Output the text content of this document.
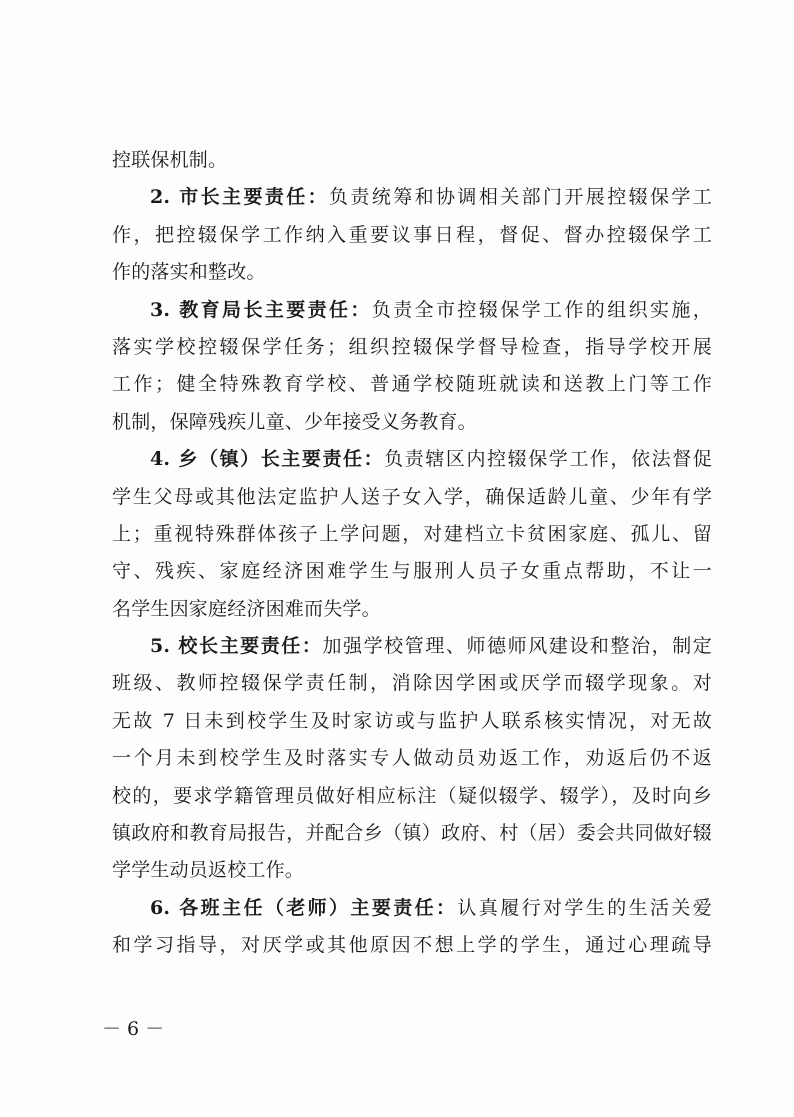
控联保机制。
2. 市长主要责任：负责统筹和协调相关部门开展控辍保学工
作，把控辍保学工作纳入重要议事日程，督促、督办控辍保学工
作的落实和整改。
3. 教育局长主要责任：负责全市控辍保学工作的组织实施，
落实学校控辍保学任务；组织控辍保学督导检查，指导学校开展
工作；健全特殊教育学校、普通学校随班就读和送教上门等工作
机制，保障残疾儿童、少年接受义务教育。
4. 乡（镇）长主要责任：负责辖区内控辍保学工作，依法督促
学生父母或其他法定监护人送子女入学，确保适龄儿童、少年有学
上；重视特殊群体孩子上学问题，对建档立卡贫困家庭、孤儿、留
守、残疾、家庭经济困难学生与服刑人员子女重点帮助，不让一
名学生因家庭经济困难而失学。
5. 校长主要责任：加强学校管理、师德师风建设和整治，制定
班级、教师控辍保学责任制，消除因学困或厌学而辍学现象。对
无故 7 日未到校学生及时家访或与监护人联系核实情况，对无故
一个月未到校学生及时落实专人做动员劝返工作，劝返后仍不返
校的，要求学籍管理员做好相应标注（疑似辍学、辍学），及时向乡
镇政府和教育局报告，并配合乡（镇）政府、村（居）委会共同做好辍
学学生动员返校工作。
6. 各班主任（老师）主要责任：认真履行对学生的生活关爱
和学习指导，对厌学或其他原因不想上学的学生，通过心理疏导
－ 6 －
